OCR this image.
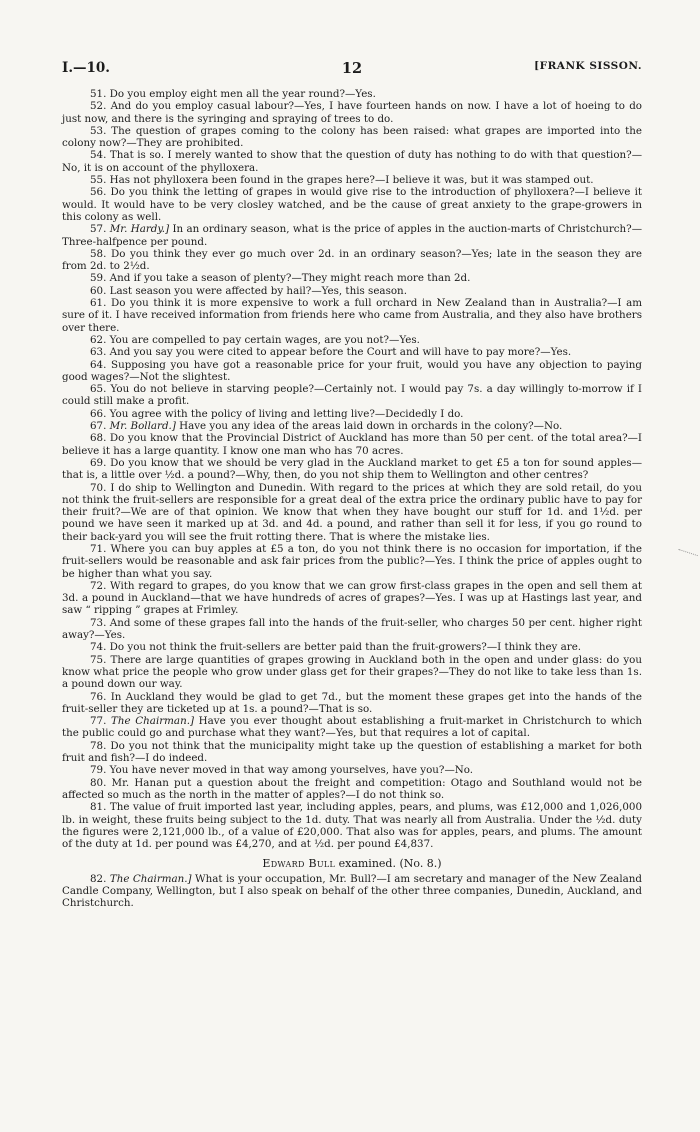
I.—10.	12	[FRANK SISSON.

51. Do you employ eight men all the year round?—Yes.

52. And do you employ casual labour?—Yes, I have fourteen hands on now. I have a lot of hoeing to do just now, and there is the syringing and spraying of trees to do.

53. The question of grapes coming to the colony has been raised: what grapes are imported into the colony now?—They are prohibited.

54. That is so. I merely wanted to show that the question of duty has nothing to do with that question?—No, it is on account of the phylloxera.

55. Has not phylloxera been found in the grapes here?—I believe it was, but it was stamped out.

56. Do you think the letting of grapes in would give rise to the introduction of phylloxera?—I believe it would. It would have to be very closley watched, and be the cause of great anxiety to the grape-growers in this colony as well.

57. Mr. Hardy.] In an ordinary season, what is the price of apples in the auction-marts of Christchurch?—Three-halfpence per pound.

58. Do you think they ever go much over 2d. in an ordinary season?—Yes; late in the season they are from 2d. to 2½d.

59. And if you take a season of plenty?—They might reach more than 2d.

60. Last season you were affected by hail?—Yes, this season.

61. Do you think it is more expensive to work a full orchard in New Zealand than in Australia?—I am sure of it. I have received information from friends here who came from Australia, and they also have brothers over there.

62. You are compelled to pay certain wages, are you not?—Yes.

63. And you say you were cited to appear before the Court and will have to pay more?—Yes.

64. Supposing you have got a reasonable price for your fruit, would you have any objection to paying good wages?—Not the slightest.

65. You do not believe in starving people?—Certainly not. I would pay 7s. a day willingly to-morrow if I could still make a profit.

66. You agree with the policy of living and letting live?—Decidedly I do.

67. Mr. Bollard.] Have you any idea of the areas laid down in orchards in the colony?—No.

68. Do you know that the Provincial District of Auckland has more than 50 per cent. of the total area?—I believe it has a large quantity. I know one man who has 70 acres.

69. Do you know that we should be very glad in the Auckland market to get £5 a ton for sound apples—that is, a little over ½d. a pound?—Why, then, do you not ship them to Wellington and other centres?

70. I do ship to Wellington and Dunedin. With regard to the prices at which they are sold retail, do you not think the fruit-sellers are responsible for a great deal of the extra price the ordinary public have to pay for their fruit?—We are of that opinion. We know that when they have bought our stuff for 1d. and 1½d. per pound we have seen it marked up at 3d. and 4d. a pound, and rather than sell it for less, if you go round to their back-yard you will see the fruit rotting there. That is where the mistake lies.

71. Where you can buy apples at £5 a ton, do you not think there is no occasion for importation, if the fruit-sellers would be reasonable and ask fair prices from the public?—Yes. I think the price of apples ought to be higher than what you say.

72. With regard to grapes, do you know that we can grow first-class grapes in the open and sell them at 3d. a pound in Auckland—that we have hundreds of acres of grapes?—Yes. I was up at Hastings last year, and saw “ ripping ” grapes at Frimley.

73. And some of these grapes fall into the hands of the fruit-seller, who charges 50 per cent. higher right away?—Yes.

74. Do you not think the fruit-sellers are better paid than the fruit-growers?—I think they are.

75. There are large quantities of grapes growing in Auckland both in the open and under glass: do you know what price the people who grow under glass get for their grapes?—They do not like to take less than 1s. a pound down our way.

76. In Auckland they would be glad to get 7d., but the moment these grapes get into the hands of the fruit-seller they are ticketed up at 1s. a pound?—That is so.

77. The Chairman.] Have you ever thought about establishing a fruit-market in Christchurch to which the public could go and purchase what they want?—Yes, but that requires a lot of capital.

78. Do you not think that the municipality might take up the question of establishing a market for both fruit and fish?—I do indeed.

79. You have never moved in that way among yourselves, have you?—No.

80. Mr. Hanan put a question about the freight and competition: Otago and Southland would not be affected so much as the north in the matter of apples?—I do not think so.

81. The value of fruit imported last year, including apples, pears, and plums, was £12,000 and 1,026,000 lb. in weight, these fruits being subject to the 1d. duty. That was nearly all from Australia. Under the ½d. duty the figures were 2,121,000 lb., of a value of £20,000. That also was for apples, pears, and plums. The amount of the duty at 1d. per pound was £4,270, and at ½d. per pound £4,837.

Edward Bull examined. (No. 8.)

82. The Chairman.] What is your occupation, Mr. Bull?—I am secretary and manager of the New Zealand Candle Company, Wellington, but I also speak on behalf of the other three companies, Dunedin, Auckland, and Christchurch.
